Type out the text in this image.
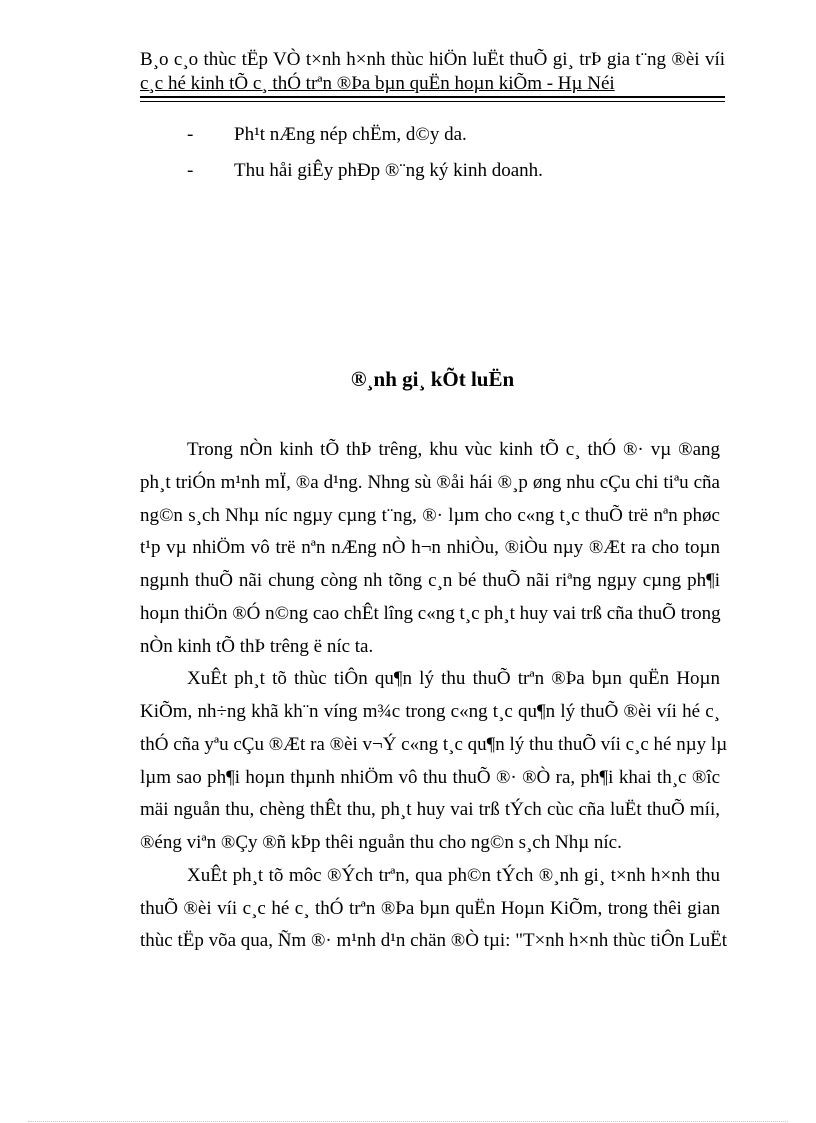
B¸o c¸o thùc tËp VÒ t×nh h×nh thùc hiÖn luËt thuÕ gi¸ trÞ gia t¨ng ®èi víi
c¸c hé kinh tÕ c¸ thÓ trªn ®Þa bµn quËn hoµn kiÕm - Hµ Néi
-	Ph¹t nÆng nép chËm, d©y da.
-	Thu håi giÊy phÐp ®¨ng ký kinh doanh.
®¸nh gi¸ kÕt luËn
Trong nÒn kinh tÕ thÞ trêng, khu vùc kinh tÕ c¸ thÓ ®· vµ ®ang
ph¸t triÓn m¹nh mÏ, ®a d¹ng. Nhng sù ®åi hái ®¸p øng nhu cÇu chi tiªu cña
ng©n s¸ch Nhµ níc ngµy cµng t¨ng, ®· lµm cho c«ng t¸c thuÕ trë nªn phøc
t¹p vµ nhiÖm vô trë nªn nÆng nÒ h¬n nhiÒu, ®iÒu nµy ®Æt ra cho toµn
ngµnh thuÕ nãi chung còng nh tõng c¸n bé thuÕ nãi riªng ngµy cµng ph¶i
hoµn thiÖn ®Ó n©ng cao chÊt lîng c«ng t¸c ph¸t huy vai trß cña thuÕ trong
nÒn kinh tÕ thÞ trêng ë níc ta.
XuÊt ph¸t tõ thùc tiÔn qu¶n lý thu thuÕ trªn ®Þa bµn quËn Hoµn
KiÕm, nh÷ng khã kh¨n víng m¾c trong c«ng t¸c qu¶n lý thuÕ ®èi víi hé c¸
thÓ cña yªu cÇu ®Æt ra ®èi v¬Ý c«ng t¸c qu¶n lý thu thuÕ víi c¸c hé nµy lµ
lµm sao ph¶i hoµn thµnh nhiÖm vô thu thuÕ ®· ®Ò ra, ph¶i khai th¸c ®îc
mäi nguån thu, chèng thÊt thu, ph¸t huy vai trß tÝch cùc cña luËt thuÕ míi,
®éng viªn ®Çy ®ñ kÞp thêi nguån thu cho ng©n s¸ch Nhµ níc.
XuÊt ph¸t tõ môc ®Ých trªn, qua ph©n tÝch ®¸nh gi¸ t×nh h×nh thu
thuÕ ®èi víi c¸c hé c¸ thÓ trªn ®Þa bµn quËn Hoµn KiÕm, trong thêi gian
thùc tËp võa qua, Ñm ®· m¹nh d¹n chän ®Ò tµi: "T×nh h×nh thùc tiÔn LuËt
